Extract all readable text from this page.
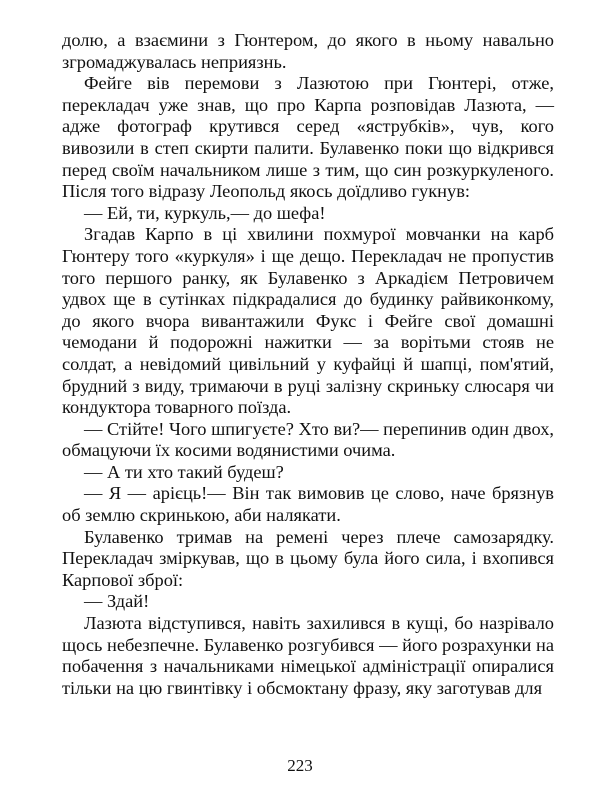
долю, а взаємини з Гюнтером, до якого в ньому навально згромаджувалась неприязнь.

Фейге вів перемови з Лазютою при Гюнтері, отже, перекладач уже знав, що про Карпа розповідав Лазюта, — адже фотограф крутився серед «яструбків», чув, кого вивозили в степ скирти палити. Булавенко поки що відкрився перед своїм начальником лише з тим, що син розкуркуленого. Після того відразу Леопольд якось доїдливо гукнув:

— Ей, ти, куркуль,— до шефа!

Згадав Карпо в ці хвилини похмурої мовчанки на карб Гюнтеру того «куркуля» і ще дещо. Перекладач не пропустив того першого ранку, як Булавенко з Аркадієм Петровичем удвох ще в сутінках підкрадалися до будинку райвиконкому, до якого вчора вивантажили Фукс і Фейге свої домашні чемодани й подорожні нажитки — за ворітьми стояв не солдат, а невідомий цивільний у куфайці й шапці, пом'ятий, брудний з виду, тримаючи в руці залізну скриньку слюсаря чи кондуктора товарного поїзда.

— Стійте! Чого шпигуєте? Хто ви?— перепинив один двох, обмацуючи їх косими водянистими очима.

— А ти хто такий будеш?

— Я — арієць!— Він так вимовив це слово, наче брязнув об землю скринькою, аби налякати.

Булавенко тримав на ремені через плече самозарядку. Перекладач зміркував, що в цьому була його сила, і вхопився Карпової зброї:

— Здай!

Лазюта відступився, навіть захилився в кущі, бо назрівало щось небезпечне. Булавенко розгубився — його розрахунки на побачення з начальниками німецької адміністрації опиралися тільки на цю гвинтівку і обсмоктану фразу, яку заготував для

223
